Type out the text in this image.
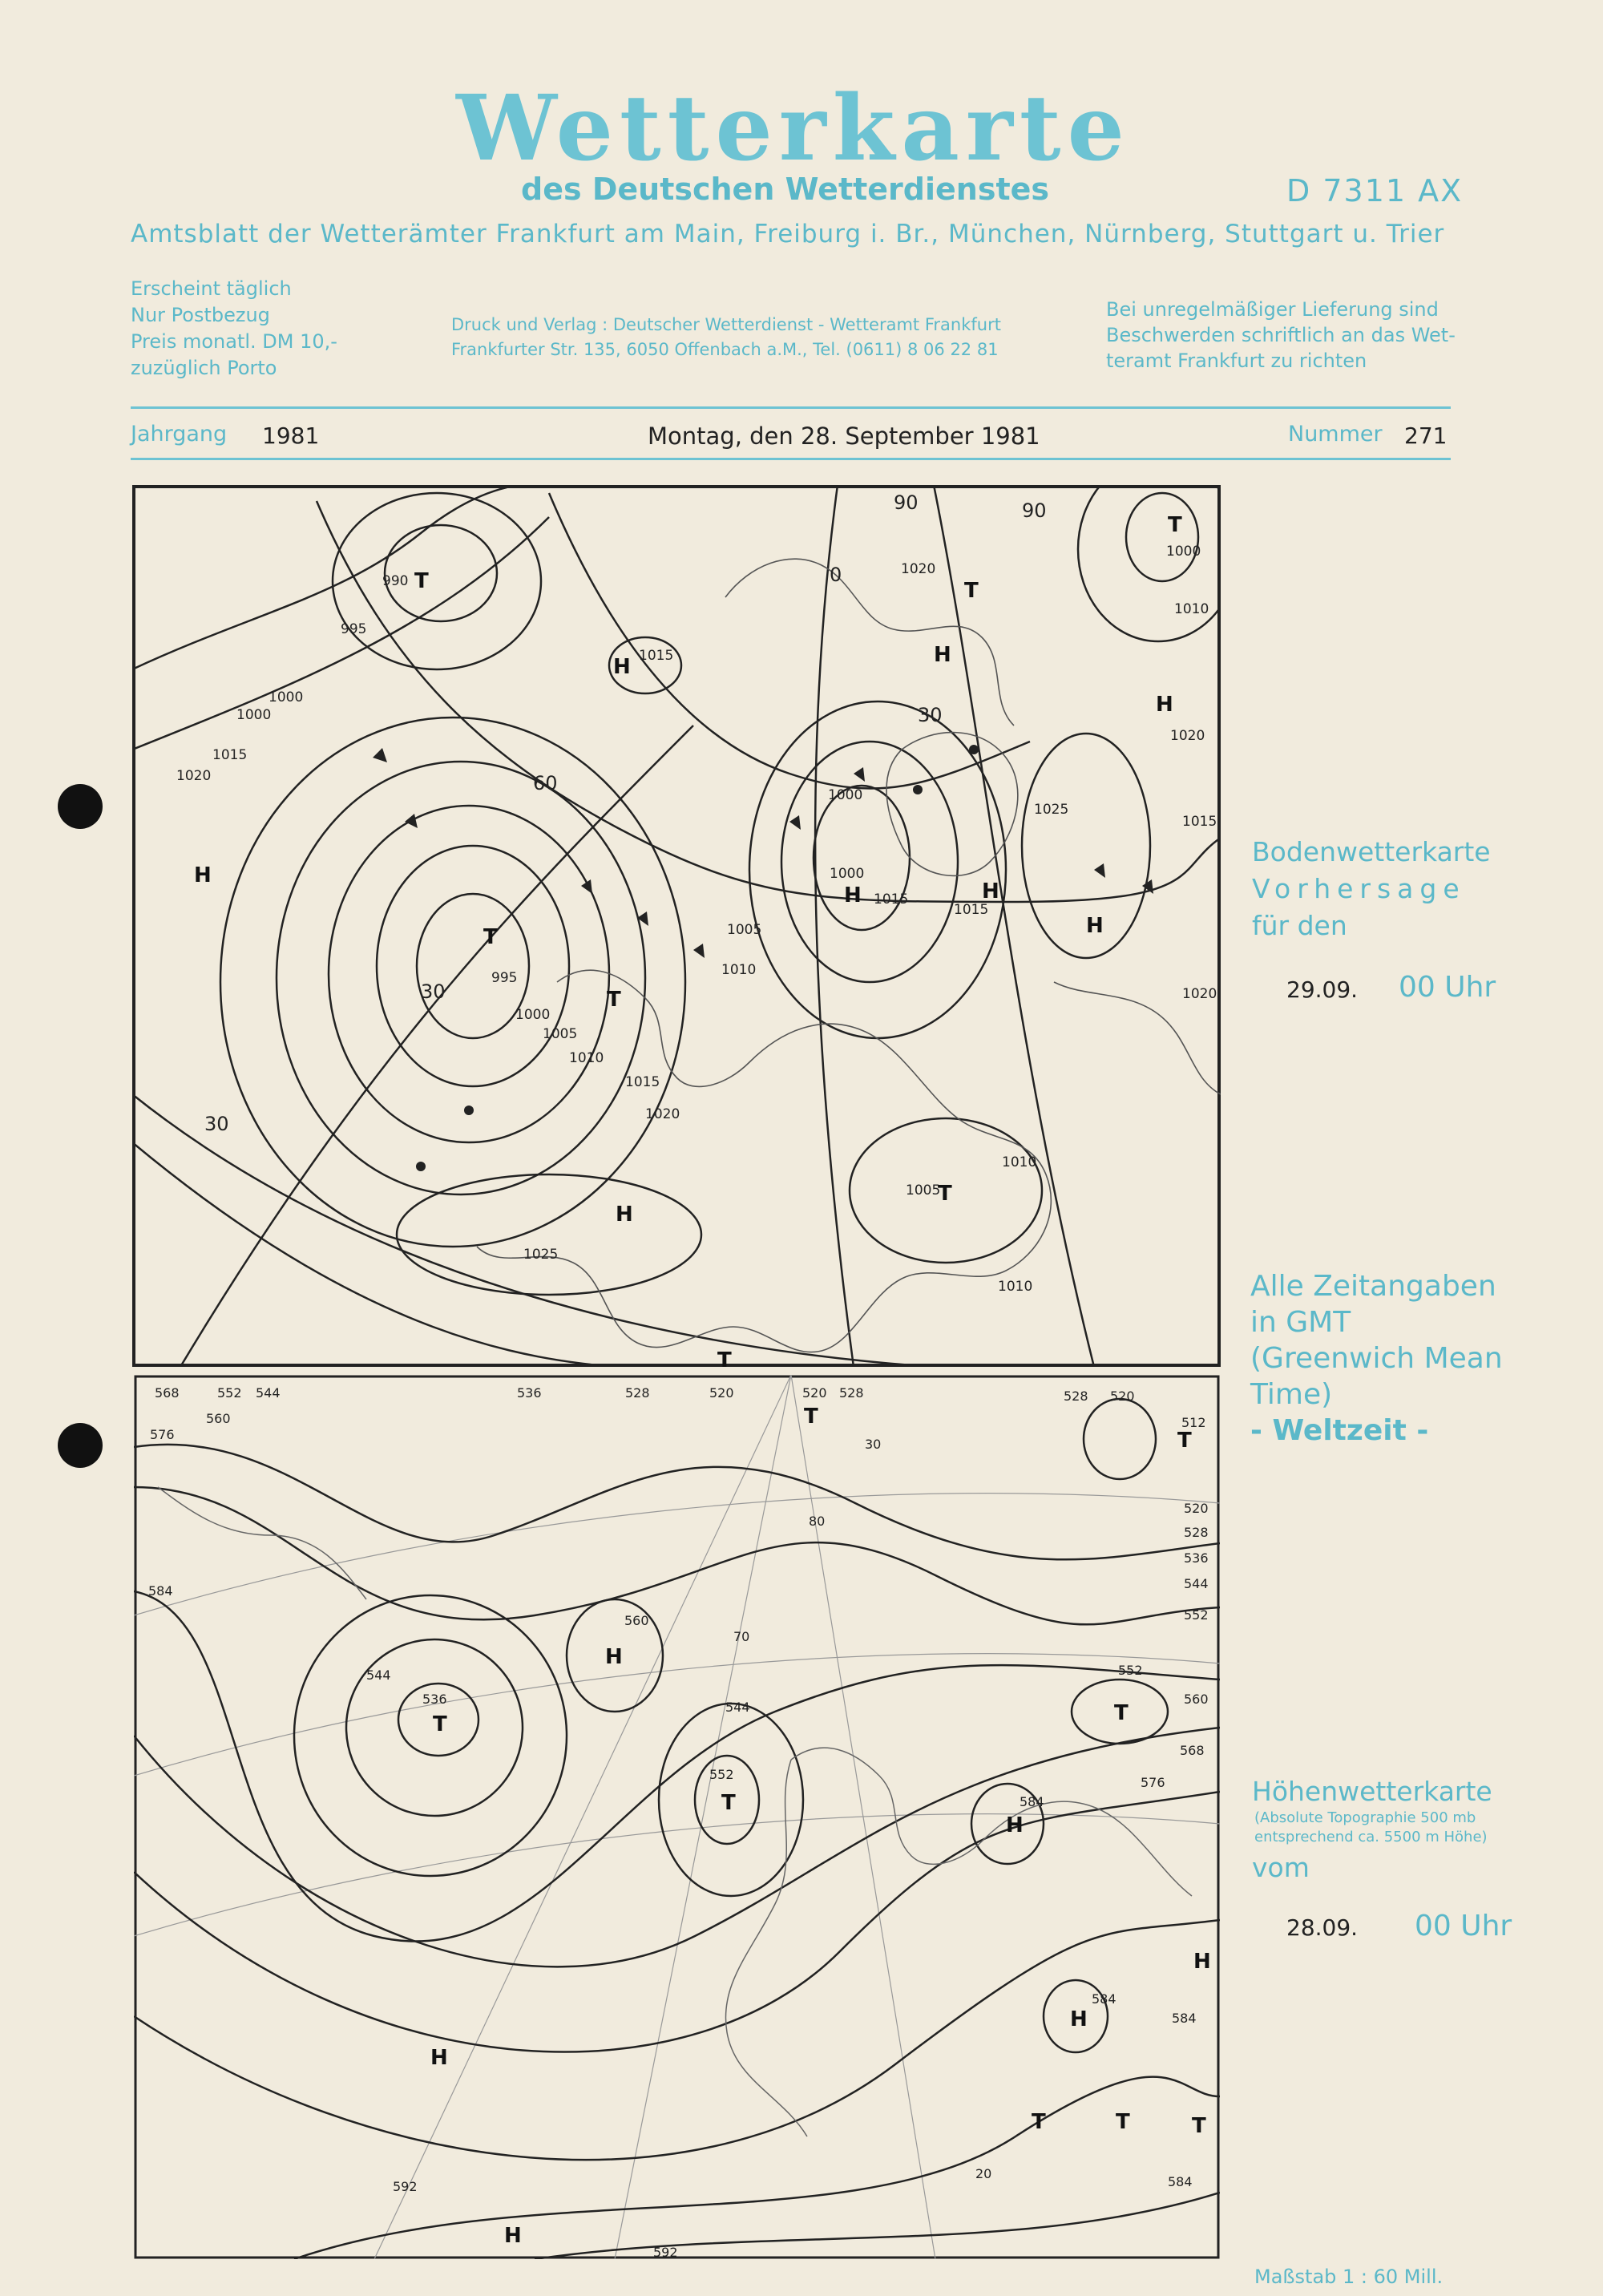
Wetterkarte
des Deutschen Wetterdienstes	D 7311 AX
Amtsblatt der Wetterämter Frankfurt am Main, Freiburg i. Br., München, Nürnberg, Stuttgart u. Trier
Erscheint täglich
Nur Postbezug
Preis monatl. DM 10,-
zuzüglich Porto
Druck und Verlag : Deutscher Wetterdienst - Wetteramt Frankfurt
Frankfurter Str. 135, 6050 Offenbach a.M., Tel. (0611) 8 06 22 81
Bei unregelmäßiger Lieferung sind
Beschwerden schriftlich an das Wet-
teramt Frankfurt zu richten
Jahrgang 1981	Montag, den 28. September 1981	Nummer 271
990
995
1000
1000
1015
1020
1015
995
1000
1005
1010
1015
1020
1025
1000
1005
1010
1015
1000
1015
1020
1025
1010
1020
1000
1010
1020
1015
1005
1010
90	90
60
30
30
30
0
T
T
T
T
T
T
T
H	H
H
H
H
H
H	H
568	552 544
560
576
584
536	528	520	520 528	528 520
512
520
528
536
544
552
560
568
576
584
584
592
592
536
544
560
552
544
552
584
584
30
80
70
20
T
T
T
T
T
T	T	T
H
H
H
H
H
H
Bodenwetterkarte
Vorhersage
für den
29.09. 00 Uhr
Alle Zeitangaben
in GMT
(Greenwich Mean
Time)
- Weltzeit -
Höhenwetterkarte
(Absolute Topographie 500 mb
entsprechend ca. 5500 m Höhe)
vom
28.09. 00 Uhr
Maßstab 1 : 60 Mill.
